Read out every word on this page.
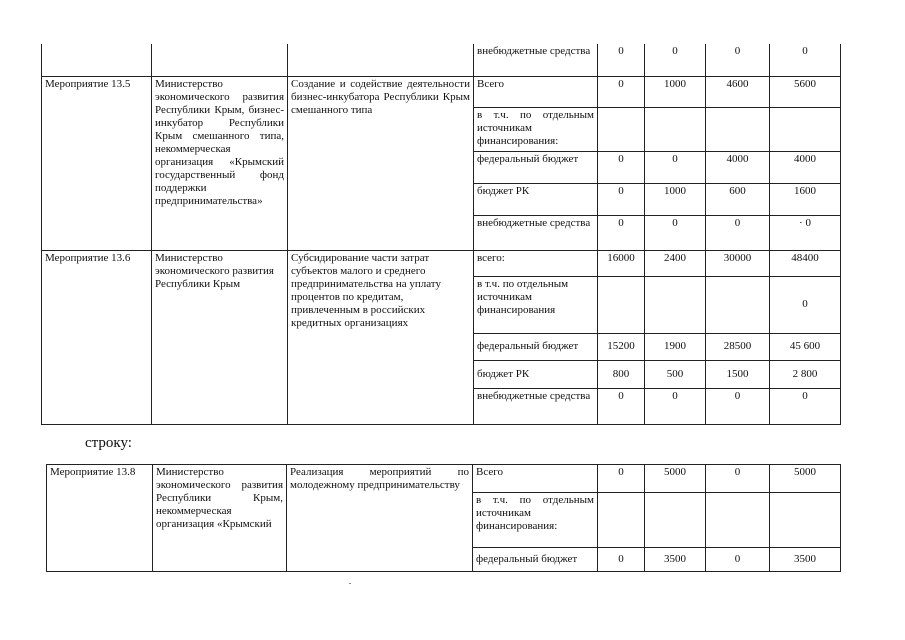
			внебюджетные средства	0	0	0	0
Мероприятие 13.5	Министерство экономического развития Республики Крым, бизнес-инкубатор Республики Крым смешанного типа, некоммерческая организация «Крымский государственный фонд поддержки предпринимательства»	Создание и содействие деятельности бизнес-инкубатора Республики Крым смешанного типа	Всего	0	1000	4600	5600
			в т.ч. по отдельным источникам финансирования:				
			федеральный бюджет	0	0	4000	4000
			бюджет РК	0	1000	600	1600
			внебюджетные средства	0	0	0	· 0
Мероприятие 13.6	Министерство экономического развития Республики Крым	Субсидирование части затрат субъектов малого и среднего предпринимательства на уплату процентов по кредитам, привлеченным в российских кредитных организациях	всего:	16000	2400	30000	48400
			в т.ч. по отдельным источникам финансирования				0
			федеральный бюджет	15200	1900	28500	45 600
			бюджет РК	800	500	1500	2 800
			внебюджетные средства	0	0	0	0
строку:
Мероприятие 13.8	Министерство экономического развития Республики Крым, некоммерческая организация «Крымский	Реализация мероприятий по молодежному предпринимательству	Всего	0	5000	0	5000
			в т.ч. по отдельным источникам финансирования:				
			федеральный бюджет	0	3500	0	3500
